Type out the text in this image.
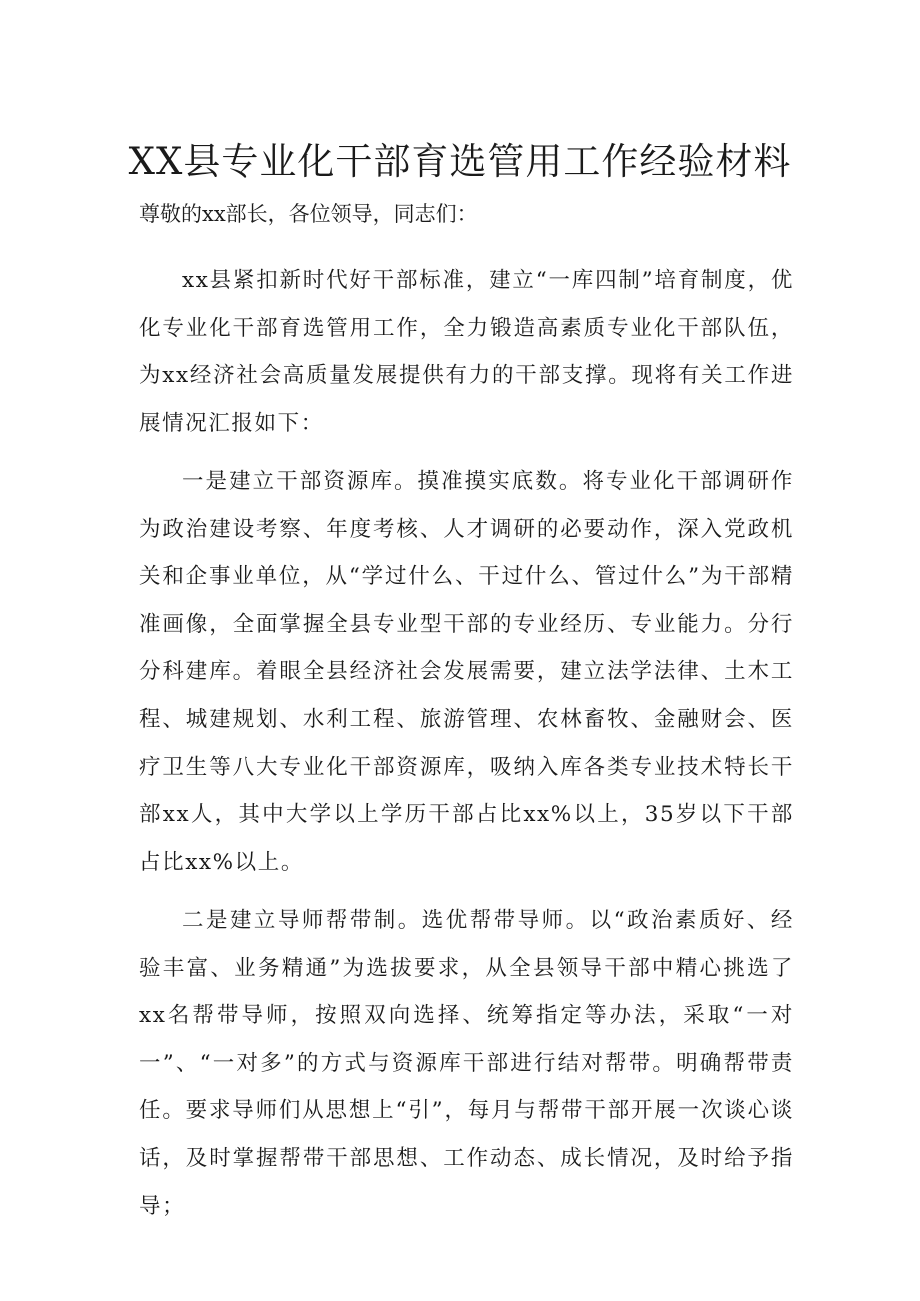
XX县专业化干部育选管用工作经验材料

尊敬的xx部长，各位领导，同志们：

xx县紧扣新时代好干部标准，建立“一库四制”培育制度，优化专业化干部育选管用工作，全力锻造高素质专业化干部队伍，为xx经济社会高质量发展提供有力的干部支撑。现将有关工作进展情况汇报如下：

一是建立干部资源库。摸准摸实底数。将专业化干部调研作为政治建设考察、年度考核、人才调研的必要动作，深入党政机关和企事业单位，从“学过什么、干过什么、管过什么”为干部精准画像，全面掌握全县专业型干部的专业经历、专业能力。分行分科建库。着眼全县经济社会发展需要，建立法学法律、土木工程、城建规划、水利工程、旅游管理、农林畜牧、金融财会、医疗卫生等八大专业化干部资源库，吸纳入库各类专业技术特长干部xx人，其中大学以上学历干部占比xx%以上，35岁以下干部占比xx%以上。

二是建立导师帮带制。选优帮带导师。以“政治素质好、经验丰富、业务精通”为选拔要求，从全县领导干部中精心挑选了xx名帮带导师，按照双向选择、统筹指定等办法，采取“一对一”、“一对多”的方式与资源库干部进行结对帮带。明确帮带责任。要求导师们从思想上“引”，每月与帮带干部开展一次谈心谈话，及时掌握帮带干部思想、工作动态、成长情况，及时给予指导；
